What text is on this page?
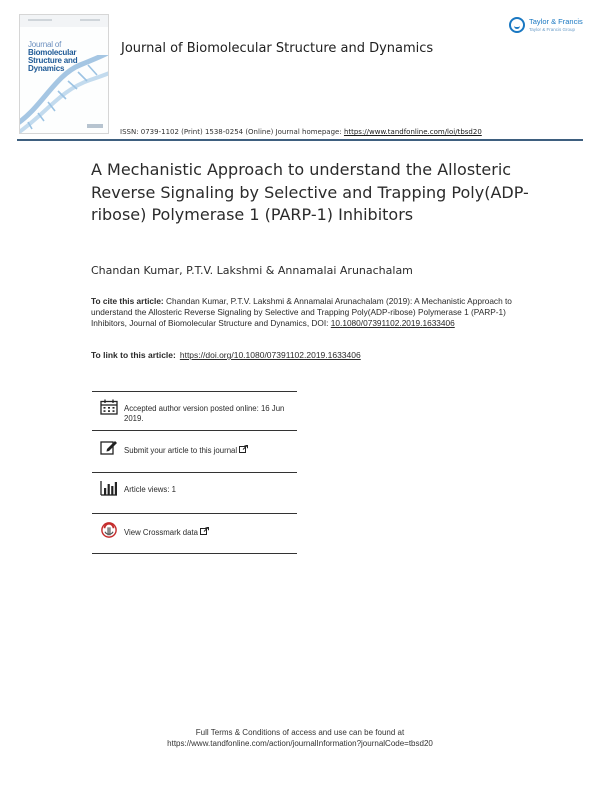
Journal of Biomolecular
Structure and Dynamics
Journal of Biomolecular Structure and Dynamics
Taylor & Francis
Taylor & Francis Group
ISSN: 0739-1102 (Print) 1538-0254 (Online) Journal homepage: https://www.tandfonline.com/loi/tbsd20
A Mechanistic Approach to understand the Allosteric Reverse Signaling by Selective and Trapping Poly(ADP-ribose) Polymerase 1 (PARP-1) Inhibitors
Chandan Kumar, P.T.V. Lakshmi & Annamalai Arunachalam
To cite this article: Chandan Kumar, P.T.V. Lakshmi & Annamalai Arunachalam (2019): A Mechanistic Approach to understand the Allosteric Reverse Signaling by Selective and Trapping Poly(ADP-ribose) Polymerase 1 (PARP-1) Inhibitors, Journal of Biomolecular Structure and Dynamics, DOI: 10.1080/07391102.2019.1633406
To link to this article: https://doi.org/10.1080/07391102.2019.1633406
Accepted author version posted online: 16 Jun 2019.
Submit your article to this journal
Article views: 1
View Crossmark data
Full Terms & Conditions of access and use can be found at
https://www.tandfonline.com/action/journalInformation?journalCode=tbsd20
